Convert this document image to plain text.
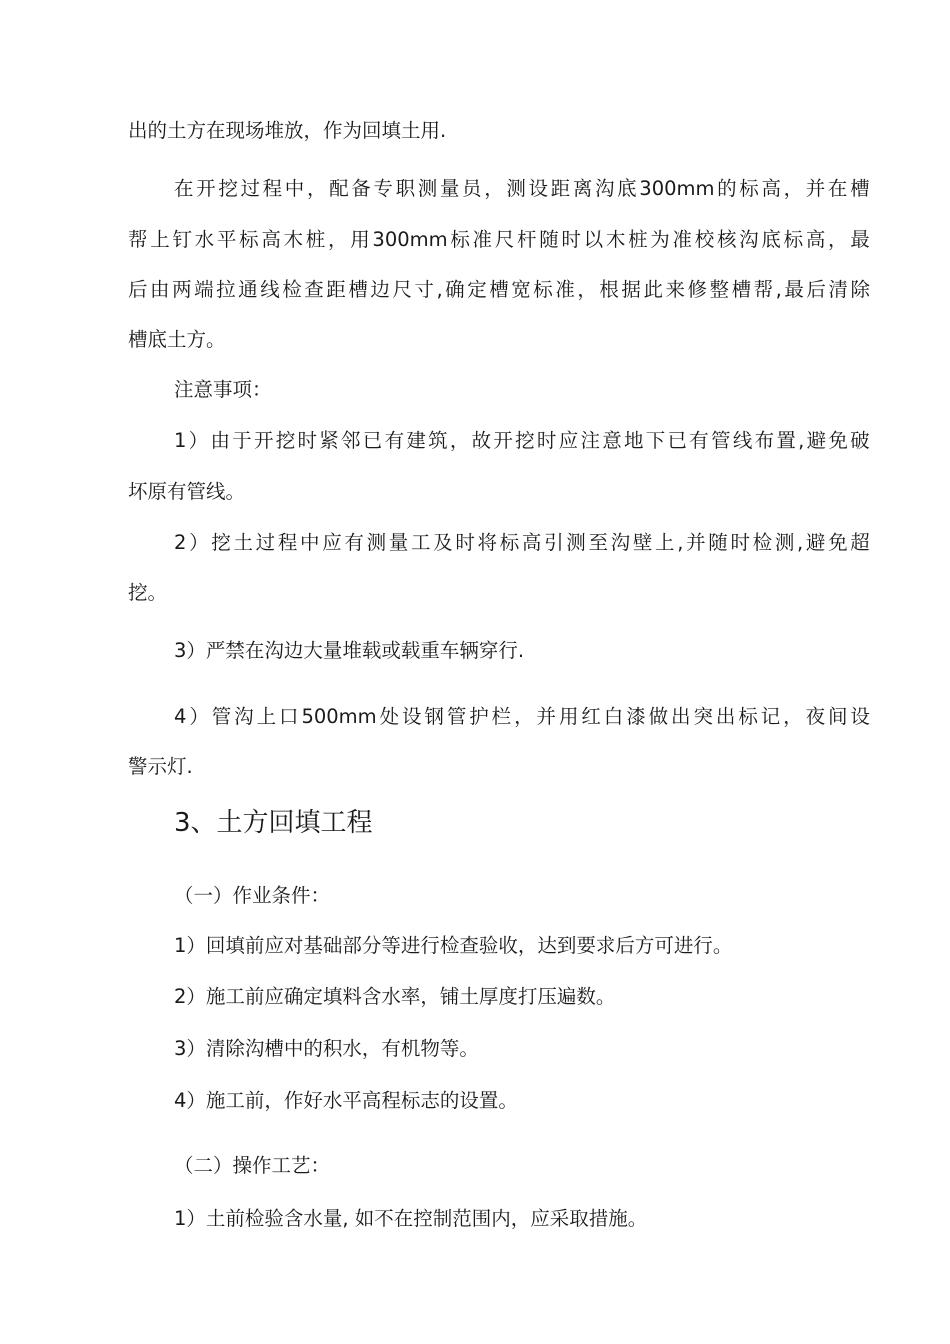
出的土方在现场堆放，作为回填土用.
在 开 挖 过 程 中 ， 配 备 专 职 测 量 员 ， 测 设 距 离 沟 底 300mm 的 标 高 ， 并 在 槽
帮 上 钉 水 平 标 高 木 桩 ， 用 300mm 标 准 尺 杆 随 时 以 木 桩 为 准 校 核 沟 底 标 高 ， 最
后 由 两 端 拉 通 线 检 查 距 槽 边 尺 寸 , 确 定 槽 宽 标 准 ， 根 据 此 来 修 整 槽 帮 , 最 后 清 除
槽底土方。
注意事项：
1 ） 由 于 开 挖 时 紧 邻 已 有 建 筑 ， 故 开 挖 时 应 注 意 地 下 已 有 管 线 布 置 , 避 免 破
坏原有管线。
2 ） 挖 土 过 程 中 应 有 测 量 工 及 时 将 标 高 引 测 至 沟 壁 上 , 并 随 时 检 测 , 避 免 超
挖。
3）严禁在沟边大量堆载或载重车辆穿行.
4 ） 管 沟 上 口 500mm 处 设 钢 管 护 栏 ， 并 用 红 白 漆 做 出 突 出 标 记 ， 夜 间 设
警示灯.
3、土方回填工程
（一）作业条件：
1）回填前应对基础部分等进行检查验收，达到要求后方可进行。
2）施工前应确定填料含水率，铺土厚度打压遍数。
3）清除沟槽中的积水，有机物等。
4）施工前，作好水平高程标志的设置。
（二）操作工艺：
1）土前检验含水量, 如不在控制范围内，应采取措施。
